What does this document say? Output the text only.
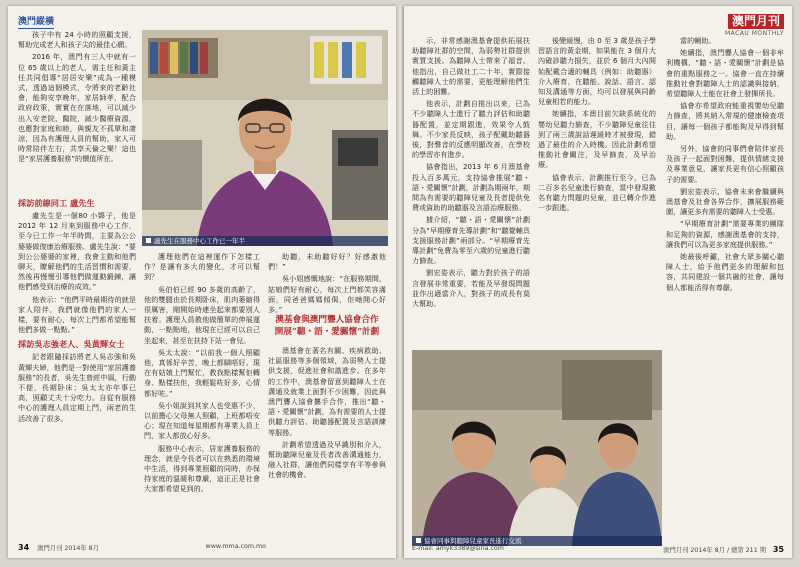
澳門縱橫

孩子中有 24 小時的照顧支援，幫助完成老人和孩子尖的最佳心願。

2016 年，澳門有三人中就有一位 65 歲以上的老人，需主任和黃主任共同倡導“居居安樂”成為一種模式，透過這個模式，令將來的老齡社會，能夠安享晚年，家居師孝，配合政府政策，實實在在落地，可以減少出入安老院、醫院，減少醫療資源，也應對家庭和睦，與親友不孤單和凄涼，因為有護理人員的幫助，家人可時常陪伴左右，共享天倫之樂！這也是“家居護養服務”的價值所在。

盧先生在服務中心工作已一年半
採訪前線同工 盧先生

盧先生是一個80 小夥子，他是 2012 年 12 月來到服務中心工作，至今已工作一年半時間，主要為公公婆婆做復康治療服務。盧先生說：“要到公公婆婆的家裡，我會主動和他們聊天，瞭解他們的生活習慣和需要，然後再慢慢引導他們做運動鍛鍊，讓他們感受到治療的成效。”

他表示：“他們平時最期待的就是家人陪伴，我們就像他們的家人一樣，要有耐心，每次上門都希望能幫他們多做一點點。”

採訪吳志強老人、吳黃輝女士

記者跟隨採訪將老人吳志強和吳黃輝夫婦，他們是一對使用“家居護養服務”的長者，吳先生曾經中風，行動不便，長期卧床；吳太太亦年事已高，照顧丈夫十分吃力。自從有服務中心的護理人員定期上門，兩老的生活改善了很多。

護理他們在這裡運作下怎樣工作？是讓有多大的變化，才可以幫到？

吳伯伯已經 90 多歲的高齡了，他的雙腿由於長期卧床，肌肉萎縮得很厲害，剛開始時連坐起來都要別人扶着。護理人員教他做簡單的伸展運動，一點點地，他現在已經可以自己坐起來，甚至在扶持下站一會兒。

吳太太說：“以前我一個人照顧他，真係好辛苦，晚上都瞓唔好。現在有姑娘上門幫忙，教我點樣幫佢轉身、點樣扶佢，我輕鬆咗好多，心情都好咗。”

吳小姐說到其家人也受惠不少，以前擔心父母無人照顧，上班都唔安心；現在知道每星期都有專業人員上門，家人都放心好多。

服務中心表示，居家護養服務的理念，就是令長者可以在熟悉的環境中生活，得到專業照顧的同時，亦保持家庭的溫暖和尊嚴，這正正是社會大家都希望見到的。

助聽，未助聽好好？好感激他們！”

吳小姐感慨地說：“在服務期間，姑娘們好有耐心，每次上門都笑容滿面，同爸爸媽媽傾偈，佢哋開心好多。”

澳基會與澳門聾人協會合作
開展“聽・語・愛關懷”計劃

澳基會在著名有關、疾病救助、社區服務等多個領域，為弱勢人士提供支援，促進社會和諧進步。在多年的工作中，澳基會留意到聽障人士在溝通及就業上面對不少困難，因此與澳門聾人協會攜手合作，推出“聽・語・愛關懷”計劃，為有需要的人士提供聽力評估、助聽器配置及言語訓練等服務。

計劃希望透過及早識別和介入，幫助聽障兒童及長者改善溝通能力，融入社群，讓他們同樣享有平等參與社會的機會。

34 澳門月刊 2014年 8月	www.mma.com.mo
澳門月刊
MACAU MONTHLY

示，非常感謝澳基會提供拓展扶助聽障社群的空間，為弱勢社群提供實質支援。為聽障人士帶來了福音。他指出，自己做社工二十年，實際接觸聽障人士的需要，更能理解他們生活上的困難。

他表示，計劃自推出以來，已為不少聽障人士進行了聽力評估和助聽器配置，並定期跟進，效果令人鼓舞。不少家長反映，孩子配戴助聽器後，對聲音的反應明顯改善，在學校的學習亦有進步。

協會指出，2013 年 6 月澳基會投入百多萬元，支持協會推展“聽・語・愛關懷”計劃，計劃為期兩年，期間為有需要的聽障兒童及長者提供免費或資助的助聽器及言語治療服務。

據介紹，“聽・語・愛關懷”計劃分為“早期療育先導計劃”和“聽覺輔具支援服務計劃”兩部分。“早期療育先導計劃”免費為零至六歲的兒童進行聽力篩查。

劉宏姿表示，聽力對於孩子的語言發展非常重要，若能及早發現問題並作出適當介入，對孩子的成長有莫大幫助。

後變緩慢，由 0 至 3 歲是孩子學習語言的黃金期，如果能在 3 個月大內確診聽力損失，並於 6 個月大內開始配戴合適的輔具（例如：助聽器）介入療育，在聽能、說話、語言、認知及溝通等方面，均可以發展與同齡兒童相若的能力。

她續指，本澳目前欠缺系統化的嬰幼兒聽力篩查，不少聽障兒童往往到了兩三歲說話遲緩時才被發現，錯過了最佳的介入時機。因此計劃希望推動社會關注，及早篩查，及早治療。

協會表示，計劃推行至今，已為二百多名兒童進行篩查，當中發現數名有聽力問題的兒童，並已轉介作進一步跟進。

當的輔助。

她續指，澳門聾人協會一個非牟利機構，“聽・語・愛關懷”計劃是協會的重點服務之一。協會一直在持續推動社會對聽障人士的認識與接納，希望聽障人士能在社會上發揮所長。

協會亦希望政府能重視嬰幼兒聽力篩查，將其納入常規的健康檢查項目，讓每一個孩子都能夠及早得到幫助。

另外，協會的同事們會陪伴家長及孩子一起面對困難，提供情緒支援及專業意見，讓家長更有信心照顧孩子的需要。

劉宏姿表示，協會未來會繼續與澳基會及社會各界合作，擴展服務範圍，讓更多有需要的聽障人士受惠。

“早期療育計劃”需要專業的團隊和足夠的資源，感謝澳基會的支持，讓我們可以為更多家庭提供服務。”

她最後呼籲，社會大眾多關心聽障人士，給予他們更多的理解和包容，共同建設一個共融的社會，讓每個人都能活得有尊嚴。

協會同事與聽障兒童家長進行交流
E-mail: amyk3389@sina.com	澳門月刊 2014年 8月 / 總第 211 期 35
